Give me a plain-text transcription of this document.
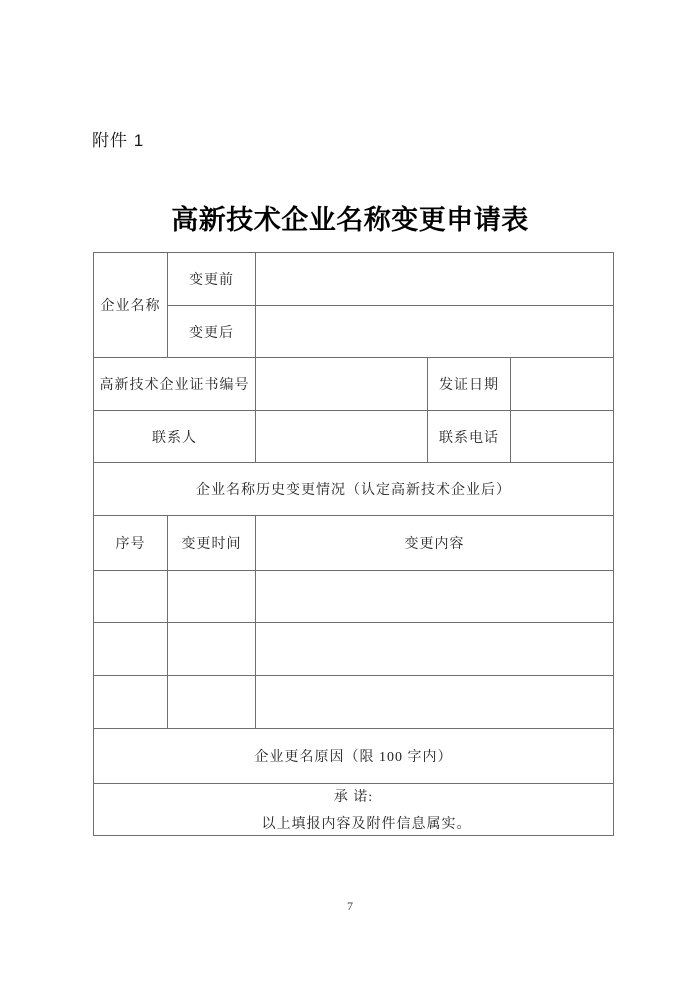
附件 1
高新技术企业名称变更申请表
企业名称	变更前			
	变更后			
高新技术企业证书编号			发证日期	
联系人			联系电话	
企业名称历史变更情况（认定高新技术企业后）				
序号	变更时间	变更内容		

企业更名原因（限 100 字内）				
承 诺:
以上填报内容及附件信息属实。				
7
